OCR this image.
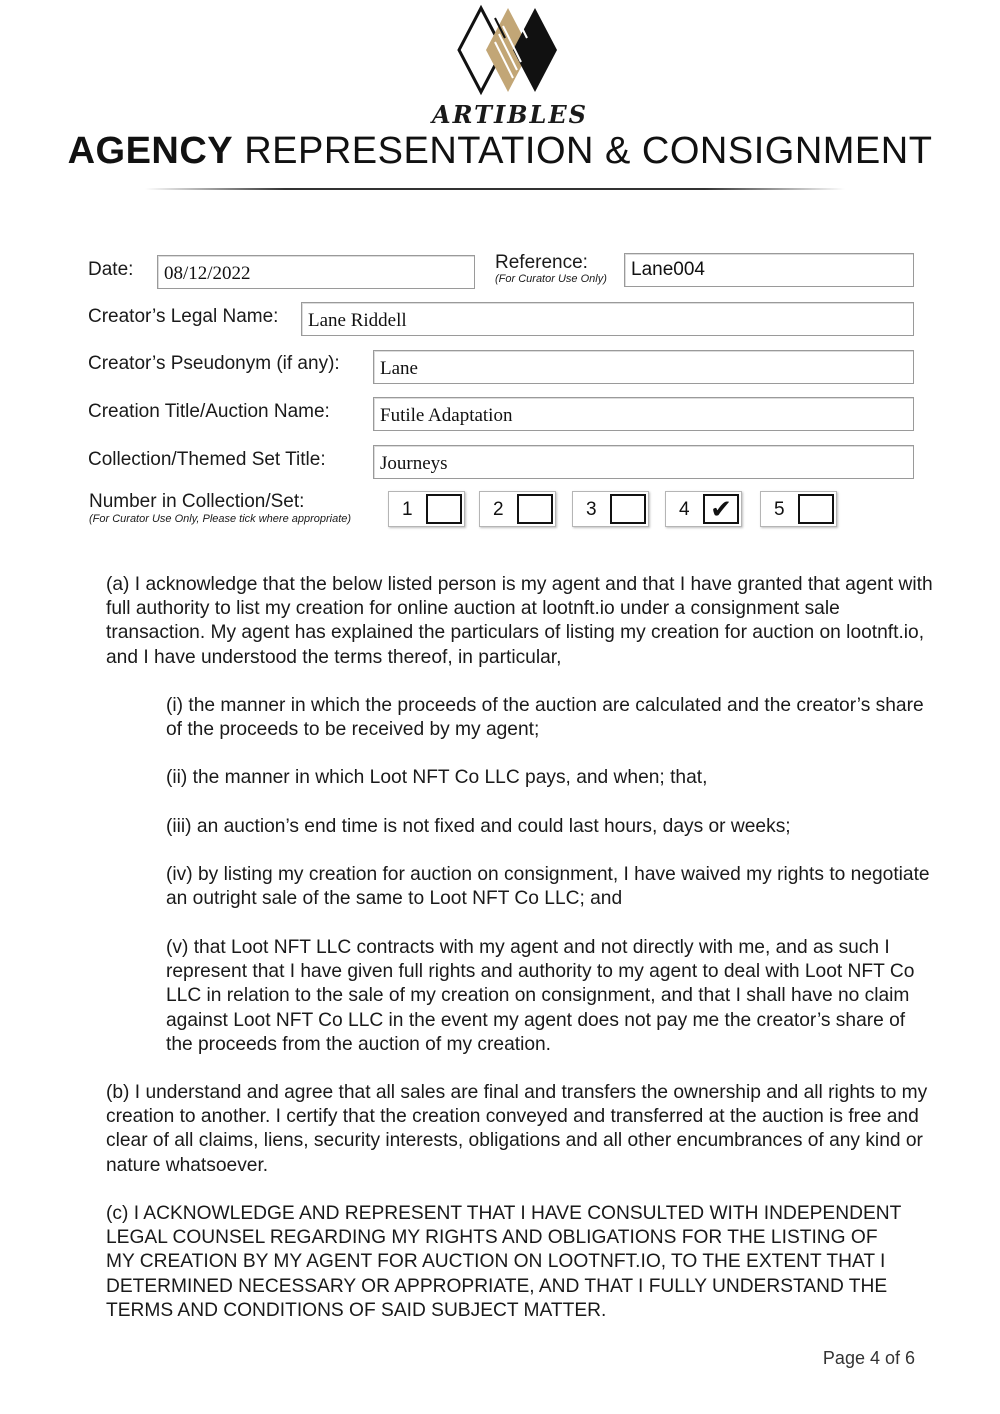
ARTIBLES
AGENCY REPRESENTATION & CONSIGNMENT
Date:	08/12/2022
Reference:
(For Curator Use Only)	Lane004
Creator’s Legal Name:	Lane Riddell
Creator’s Pseudonym (if any):	Lane
Creation Title/Auction Name:	Futile Adaptation
Collection/Themed Set Title:	Journeys
Number in Collection/Set:
(For Curator Use Only, Please tick where appropriate)	1	2	3	4 ✔	5

(a) I acknowledge that the below listed person is my agent and that I have granted that agent with full authority to list my creation for online auction at lootnft.io under a consignment sale transaction. My agent has explained the particulars of listing my creation for auction on lootnft.io, and I have understood the terms thereof, in particular,

(i) the manner in which the proceeds of the auction are calculated and the creator’s share of the proceeds to be received by my agent;

(ii) the manner in which Loot NFT Co LLC pays, and when; that,

(iii) an auction’s end time is not fixed and could last hours, days or weeks;

(iv) by listing my creation for auction on consignment, I have waived my rights to negotiate an outright sale of the same to Loot NFT Co LLC; and

(v) that Loot NFT LLC contracts with my agent and not directly with me, and as such I represent that I have given full rights and authority to my agent to deal with Loot NFT Co LLC in relation to the sale of my creation on consignment, and that I shall have no claim against Loot NFT Co LLC in the event my agent does not pay me the creator’s share of the proceeds from the auction of my creation.

(b) I understand and agree that all sales are final and transfers the ownership and all rights to my creation to another. I certify that the creation conveyed and transferred at the auction is free and clear of all claims, liens, security interests, obligations and all other encumbrances of any kind or nature whatsoever.

(c) I ACKNOWLEDGE AND REPRESENT THAT I HAVE CONSULTED WITH INDEPENDENT LEGAL COUNSEL REGARDING MY RIGHTS AND OBLIGATIONS FOR THE LISTING OF MY CREATION BY MY AGENT FOR AUCTION ON LOOTNFT.IO, TO THE EXTENT THAT I DETERMINED NECESSARY OR APPROPRIATE, AND THAT I FULLY UNDERSTAND THE TERMS AND CONDITIONS OF SAID SUBJECT MATTER.

Page 4 of 6
